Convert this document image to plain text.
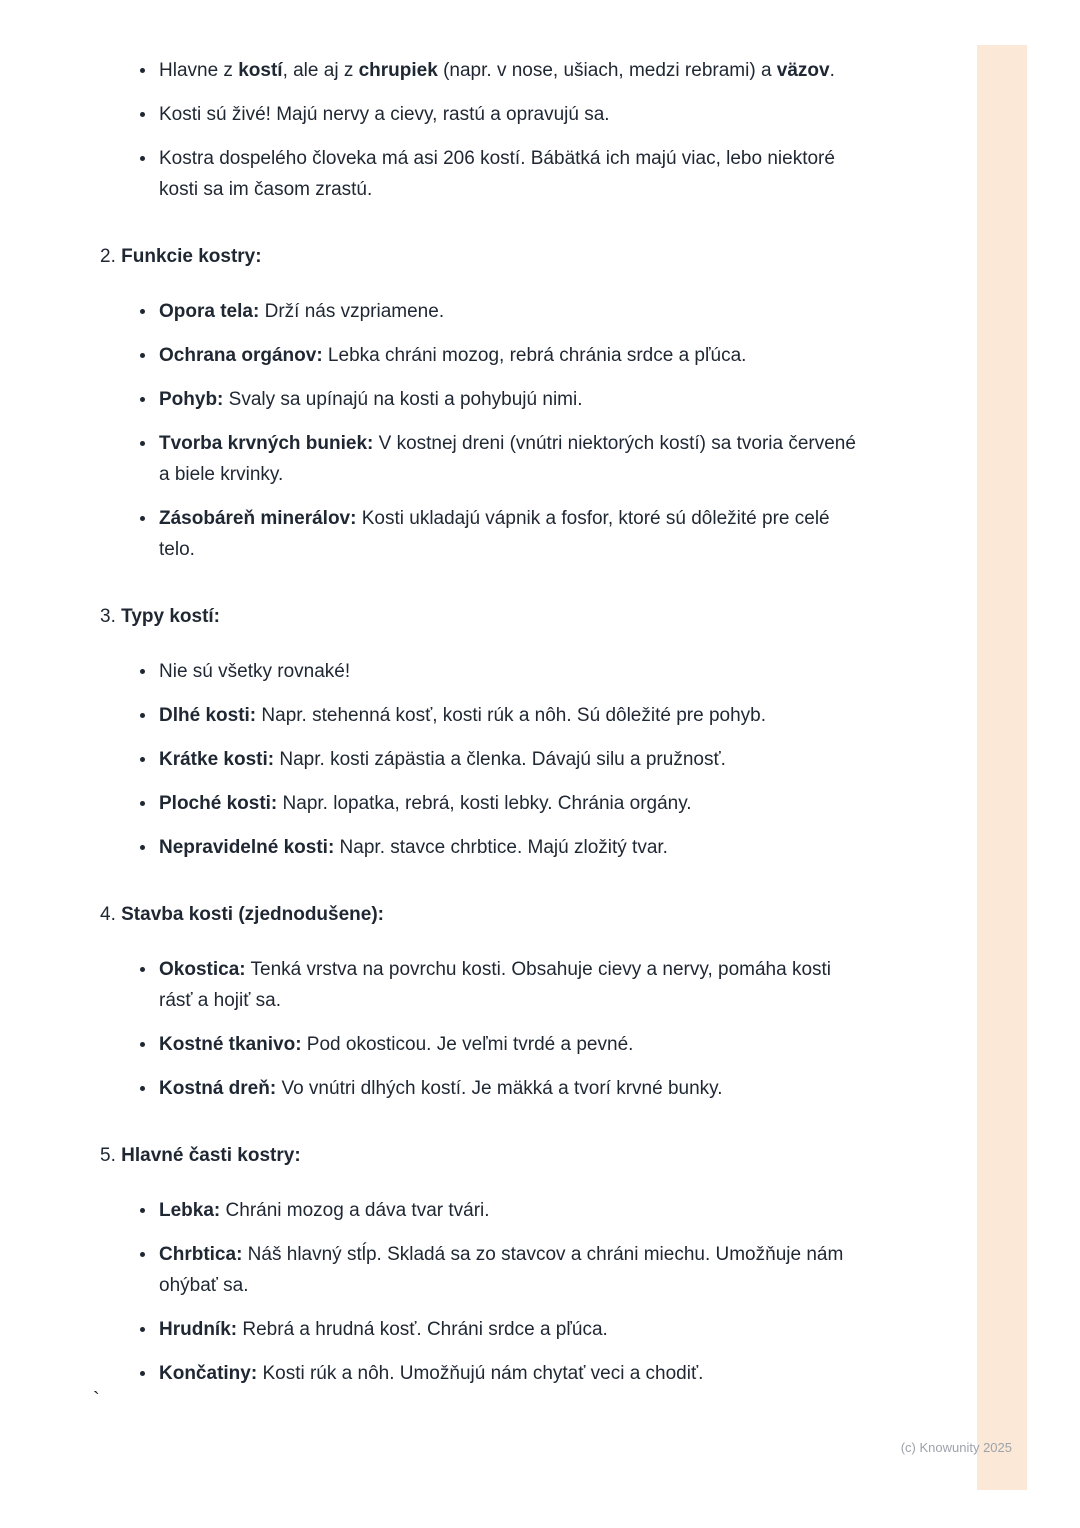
• Hlavne z kostí, ale aj z chrupiek (napr. v nose, ušiach, medzi rebrami) a väzov.
• Kosti sú živé! Majú nervy a cievy, rastú a opravujú sa.
• Kostra dospelého človeka má asi 206 kostí. Bábätká ich majú viac, lebo niektoré kosti sa im časom zrastú.

2. Funkcie kostry:

• Opora tela: Drží nás vzpriamene.
• Ochrana orgánov: Lebka chráni mozog, rebrá chránia srdce a pľúca.
• Pohyb: Svaly sa upínajú na kosti a pohybujú nimi.
• Tvorba krvných buniek: V kostnej dreni (vnútri niektorých kostí) sa tvoria červené a biele krvinky.
• Zásobáreň minerálov: Kosti ukladajú vápnik a fosfor, ktoré sú dôležité pre celé telo.

3. Typy kostí:

• Nie sú všetky rovnaké!
• Dlhé kosti: Napr. stehenná kosť, kosti rúk a nôh. Sú dôležité pre pohyb.
• Krátke kosti: Napr. kosti zápästia a členka. Dávajú silu a pružnosť.
• Ploché kosti: Napr. lopatka, rebrá, kosti lebky. Chránia orgány.
• Nepravidelné kosti: Napr. stavce chrbtice. Majú zložitý tvar.

4. Stavba kosti (zjednodušene):

• Okostica: Tenká vrstva na povrchu kosti. Obsahuje cievy a nervy, pomáha kosti rásť a hojiť sa.
• Kostné tkanivo: Pod okosticou. Je veľmi tvrdé a pevné.
• Kostná dreň: Vo vnútri dlhých kostí. Je mäkká a tvorí krvné bunky.

5. Hlavné časti kostry:

• Lebka: Chráni mozog a dáva tvar tvári.
• Chrbtica: Náš hlavný stĺp. Skladá sa zo stavcov a chráni miechu. Umožňuje nám ohýbať sa.
• Hrudník: Rebrá a hrudná kosť. Chráni srdce a pľúca.
• Končatiny: Kosti rúk a nôh. Umožňujú nám chytať veci a chodiť.
`
(c) Knowunity 2025
